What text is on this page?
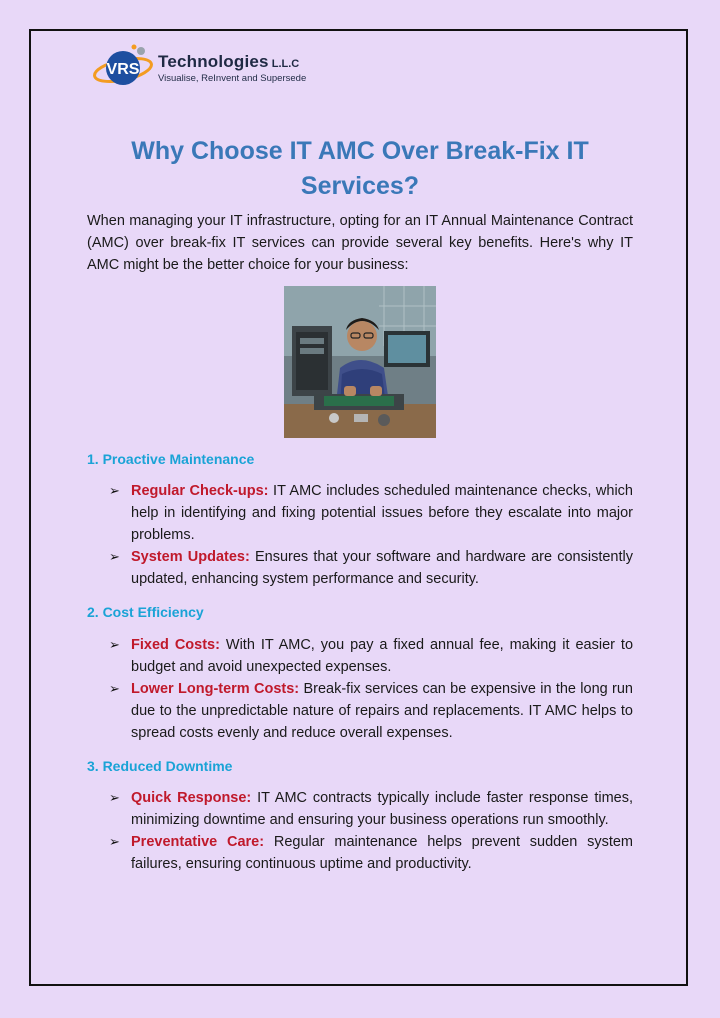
VRS Technologies L.L.C
Visualise, ReInvent and Supersede
Why Choose IT AMC Over Break-Fix IT Services?

When managing your IT infrastructure, opting for an IT Annual Maintenance Contract (AMC) over break-fix IT services can provide several key benefits. Here's why IT AMC might be the better choice for your business:

1. Proactive Maintenance
➢ Regular Check-ups: IT AMC includes scheduled maintenance checks, which help in identifying and fixing potential issues before they escalate into major problems.
➢ System Updates: Ensures that your software and hardware are consistently updated, enhancing system performance and security.
2. Cost Efficiency
➢ Fixed Costs: With IT AMC, you pay a fixed annual fee, making it easier to budget and avoid unexpected expenses.
➢ Lower Long-term Costs: Break-fix services can be expensive in the long run due to the unpredictable nature of repairs and replacements. IT AMC helps to spread costs evenly and reduce overall expenses.
3. Reduced Downtime
➢ Quick Response: IT AMC contracts typically include faster response times, minimizing downtime and ensuring your business operations run smoothly.
➢ Preventative Care: Regular maintenance helps prevent sudden system failures, ensuring continuous uptime and productivity.
